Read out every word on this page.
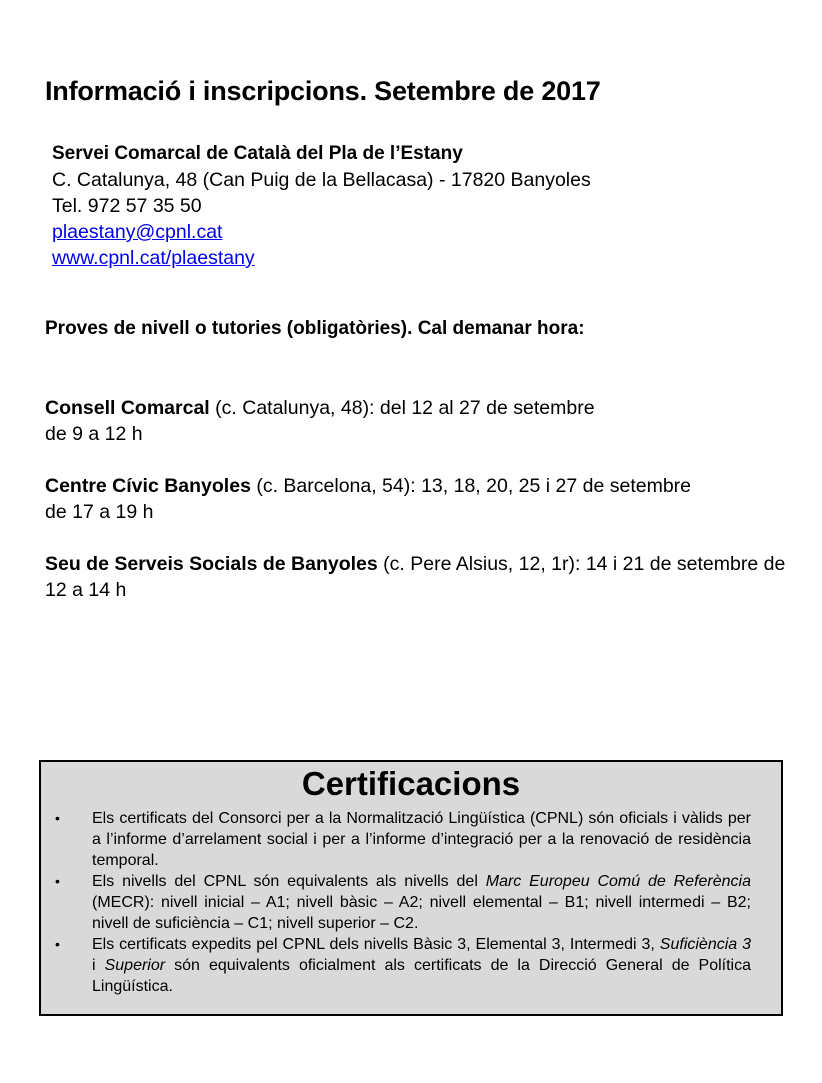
Informació i inscripcions. Setembre de 2017
Servei Comarcal de Català del Pla de l’Estany
C. Catalunya, 48 (Can Puig de la Bellacasa) - 17820 Banyoles
Tel. 972 57 35 50
plaestany@cpnl.cat
www.cpnl.cat/plaestany
Proves de nivell o tutories (obligatòries). Cal demanar hora:
Consell Comarcal (c. Catalunya, 48): del 12 al 27 de setembre
de 9 a 12 h
Centre Cívic Banyoles (c. Barcelona, 54): 13, 18, 20, 25 i 27 de setembre
de 17 a 19 h
Seu de Serveis Socials de Banyoles (c. Pere Alsius, 12, 1r): 14 i 21 de setembre de 12 a 14 h
Certificacions
• Els certificats del Consorci per a la Normalització Lingüística (CPNL) són oficials i vàlids per a l’informe d’arrelament social i per a l’informe d’integració per a la renovació de residència temporal.
• Els nivells del CPNL són equivalents als nivells del Marc Europeu Comú de Referència (MECR): nivell inicial – A1; nivell bàsic – A2; nivell elemental – B1; nivell intermedi – B2; nivell de suficiència – C1; nivell superior – C2.
• Els certificats expedits pel CPNL dels nivells Bàsic 3, Elemental 3, Intermedi 3, Suficiència 3 i Superior són equivalents oficialment als certificats de la Direcció General de Política Lingüística.
